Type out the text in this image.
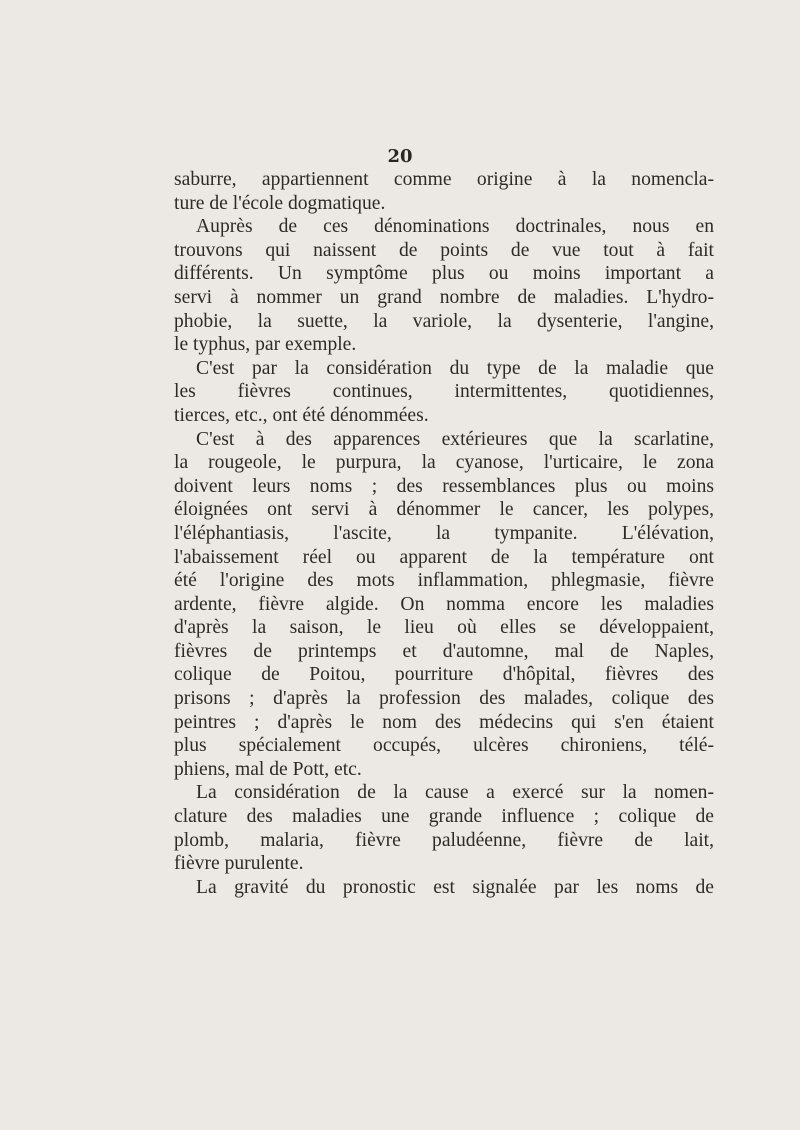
20
saburre, appartiennent comme origine à la nomencla-
ture de l'école dogmatique.
Auprès de ces dénominations doctrinales, nous en
trouvons qui naissent de points de vue tout à fait
différents. Un symptôme plus ou moins important a
servi à nommer un grand nombre de maladies. L'hydro-
phobie, la suette, la variole, la dysenterie, l'angine,
le typhus, par exemple.
C'est par la considération du type de la maladie que
les fièvres continues, intermittentes, quotidiennes,
tierces, etc., ont été dénommées.
C'est à des apparences extérieures que la scarlatine,
la rougeole, le purpura, la cyanose, l'urticaire, le zona
doivent leurs noms ; des ressemblances plus ou moins
éloignées ont servi à dénommer le cancer, les polypes,
l'éléphantiasis, l'ascite, la tympanite. L'élévation,
l'abaissement réel ou apparent de la température ont
été l'origine des mots inflammation, phlegmasie, fièvre
ardente, fièvre algide. On nomma encore les maladies
d'après la saison, le lieu où elles se développaient,
fièvres de printemps et d'automne, mal de Naples,
colique de Poitou, pourriture d'hôpital, fièvres des
prisons ; d'après la profession des malades, colique des
peintres ; d'après le nom des médecins qui s'en étaient
plus spécialement occupés, ulcères chironiens, télé-
phiens, mal de Pott, etc.
La considération de la cause a exercé sur la nomen-
clature des maladies une grande influence ; colique de
plomb, malaria, fièvre paludéenne, fièvre de lait,
fièvre purulente.
La gravité du pronostic est signalée par les noms de
